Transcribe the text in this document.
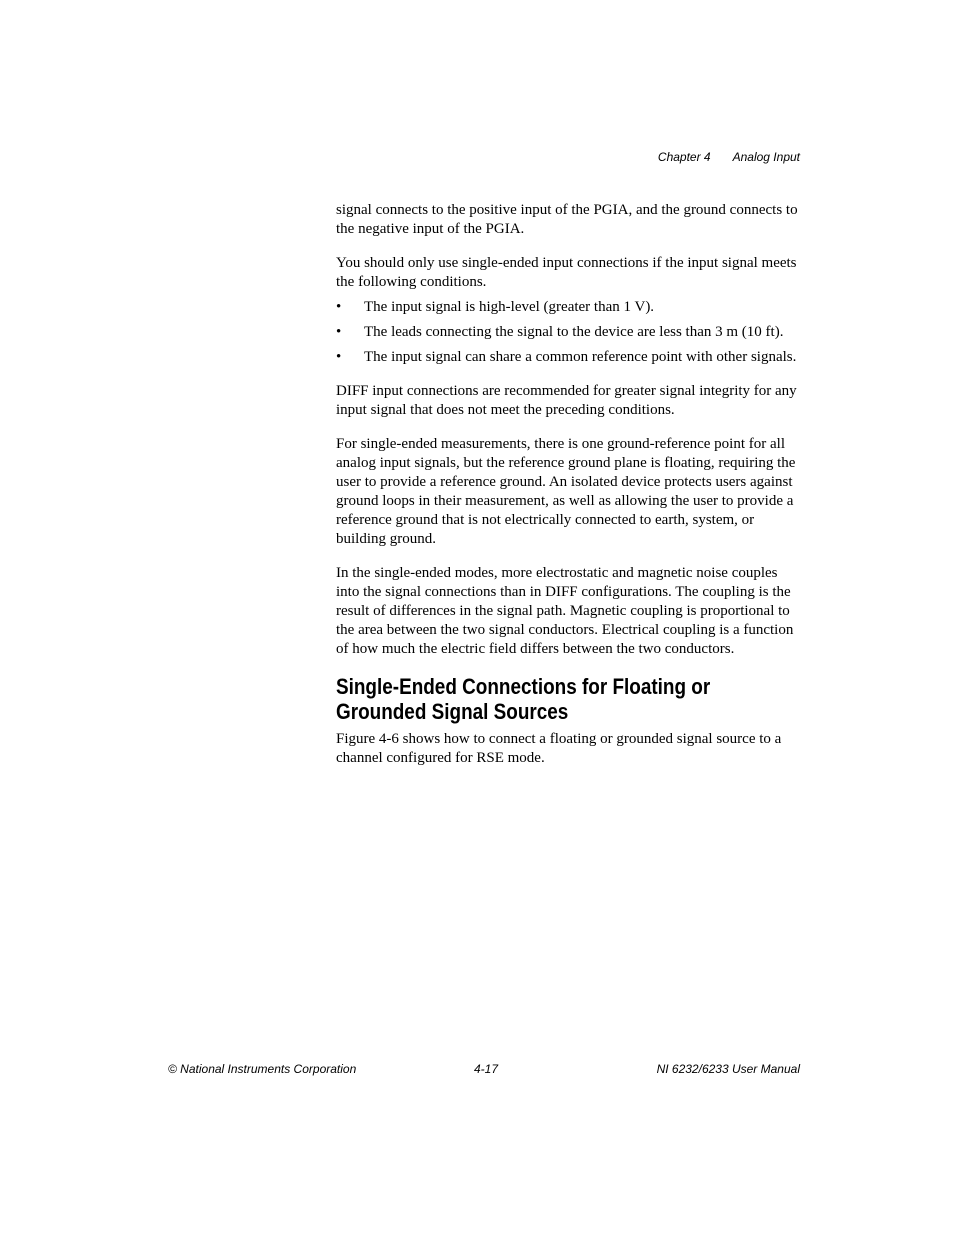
Chapter 4 Analog Input

signal connects to the positive input of the PGIA, and the ground connects to the negative input of the PGIA.

You should only use single-ended input connections if the input signal meets the following conditions.

• The input signal is high-level (greater than 1 V).
• The leads connecting the signal to the device are less than 3 m (10 ft).
• The input signal can share a common reference point with other signals.

DIFF input connections are recommended for greater signal integrity for any input signal that does not meet the preceding conditions.

For single-ended measurements, there is one ground-reference point for all analog input signals, but the reference ground plane is floating, requiring the user to provide a reference ground. An isolated device protects users against ground loops in their measurement, as well as allowing the user to provide a reference ground that is not electrically connected to earth, system, or building ground.

In the single-ended modes, more electrostatic and magnetic noise couples into the signal connections than in DIFF configurations. The coupling is the result of differences in the signal path. Magnetic coupling is proportional to the area between the two signal conductors. Electrical coupling is a function of how much the electric field differs between the two conductors.

Single-Ended Connections for Floating or Grounded Signal Sources

Figure 4-6 shows how to connect a floating or grounded signal source to a channel configured for RSE mode.

© National Instruments Corporation	4-17	NI 6232/6233 User Manual
